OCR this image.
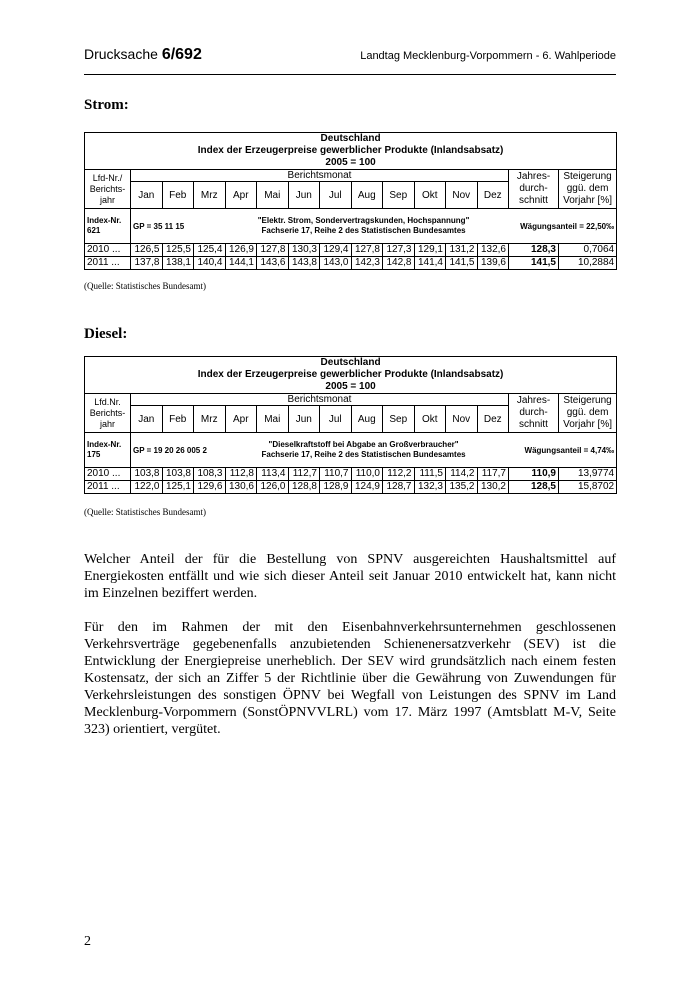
Drucksache 6/692	Landtag Mecklenburg-Vorpommern - 6. Wahlperiode
Strom:
Deutschland
Index der Erzeugerpreise gewerblicher Produkte (Inlandsabsatz)
2005 = 100														

Lfd-Nr./ Berichts-jahr	Berichtsmonat												Jahres-durch-schnitt	Steigerung ggü. dem Vorjahr [%]
	Jan	Feb	Mrz	Apr	Mai	Jun	Jul	Aug	Sep	Okt	Nov	Dez		
Index-Nr. 621	GP = 35 11 15
"Elektr. Strom, Sondervertragskunden, Hochspannung"
Fachserie 17, Reihe 2 des Statistischen Bundesamtes Wägungsanteil = 22,50‰													

2010 ...	126,5	125,5	125,4	126,9	127,8	130,3	129,4	127,8	127,3	129,1	131,2	132,6	128,3	0,7064
2011 ...	137,8	138,1	140,4	144,1	143,6	143,8	143,0	142,3	142,8	141,4	141,5	139,6	141,5	10,2884
(Quelle: Statistisches Bundesamt)
Diesel:
Deutschland
Index der Erzeugerpreise gewerblicher Produkte (Inlandsabsatz)
2005 = 100														

Lfd.Nr. Berichts-jahr	Berichtsmonat												Jahres-durch-schnitt	Steigerung ggü. dem Vorjahr [%]
	Jan	Feb	Mrz	Apr	Mai	Jun	Jul	Aug	Sep	Okt	Nov	Dez		
Index-Nr. 175	GP = 19 20 26 005 2
"Dieselkraftstoff bei Abgabe an Großverbraucher"
Fachserie 17, Reihe 2 des Statistischen Bundesamtes Wägungsanteil = 4,74‰													

2010 ...	103,8	103,8	108,3	112,8	113,4	112,7	110,7	110,0	112,2	111,5	114,2	117,7	110,9	13,9774
2011 ...	122,0	125,1	129,6	130,6	126,0	128,8	128,9	124,9	128,7	132,3	135,2	130,2	128,5	15,8702
(Quelle: Statistisches Bundesamt)
Welcher Anteil der für die Bestellung von SPNV ausgereichten Haushaltsmittel auf Energiekosten entfällt und wie sich dieser Anteil seit Januar 2010 entwickelt hat, kann nicht im Einzelnen beziffert werden.
Für den im Rahmen der mit den Eisenbahnverkehrsunternehmen geschlossenen Verkehrsverträge gegebenenfalls anzubietenden Schienenersatzverkehr (SEV) ist die Entwicklung der Energiepreise unerheblich. Der SEV wird grundsätzlich nach einem festen Kostensatz, der sich an Ziffer 5 der Richtlinie über die Gewährung von Zuwendungen für Verkehrsleistungen des sonstigen ÖPNV bei Wegfall von Leistungen des SPNV im Land Mecklenburg-Vorpommern (SonstÖPNVVLRL) vom 17. März 1997 (Amtsblatt M-V, Seite 323) orientiert, vergütet.
2
